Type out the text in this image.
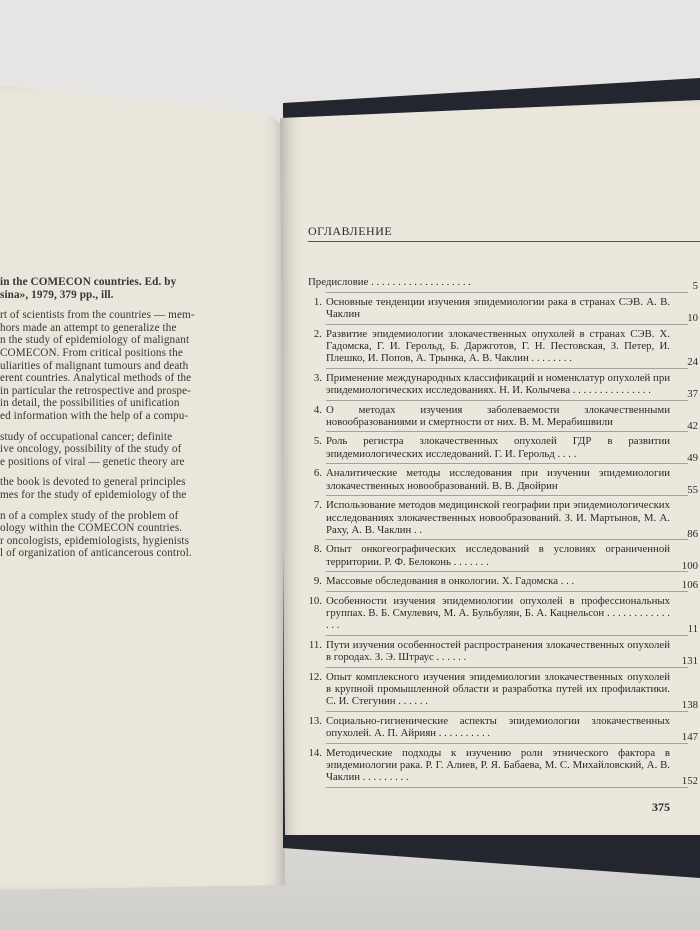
in the COMECON countries. Ed. by
sina», 1979, 379 pp., ill.
rt of scientists from the countries — mem-
hors made an attempt to generalize the
n the study of epidemiology of malignant
COMECON. From critical positions the
uliarities of malignant tumours and death
erent countries. Analytical methods of the
in particular the retrospective and prospe-
in detail, the possibilities of unification
ed information with the help of a compu-
study of occupational cancer; definite
ive oncology, possibility of the study of
e positions of viral — genetic theory are
the book is devoted to general principles
mes for the study of epidemiology of the
n of a complex study of the problem of
ology within the COMECON countries.
r oncologists, epidemiologists, hygienists
l of organization of anticancerous control.
ОГЛАВЛЕНИЕ
Предисловие . . . . . . . . . . . . . . . . . . .	5
1. Основные тенденции изучения эпидемиологии рака в странах СЭВ. А. В. Чаклин	10
2. Развитие эпидемиологии злокачественных опухолей в странах СЭВ. Х. Гадомска, Г. И. Герольд, Б. Даржготов, Г. Н. Пестовская, З. Петер, И. Плешко, И. Попов, А. Трынка, А. В. Чаклин . . . . . . . .	24
3. Применение международных классификаций и номенклатур опухолей при эпидемиологических исследованиях. Н. И. Колычева . . . . . . . . . . . . . . .	37
4. О методах изучения заболеваемости злокачественными новообразованиями и смертности от них. В. М. Мерабишвили	42
5. Роль регистра злокачественных опухолей ГДР в развитии эпидемиологических исследований. Г. И. Герольд . . . .	49
6. Аналитические методы исследования при изучении эпидемиологии злокачественных новообразований. В. В. Двойрин	55
7. Использование методов медицинской географии при эпидемиологических исследованиях злокачественных новообразований. З. И. Мартынов, М. А. Раху, А. В. Чаклин . .	86
8. Опыт онкогеографических исследований в условиях ограниченной территории. Р. Ф. Белоконь . . . . . . .	100
9. Массовые обследования в онкологии. Х. Гадомска . . .	106
10. Особенности изучения эпидемиологии опухолей в профессиональных группах. В. Б. Смулевич, М. А. Бульбулян, Б. А. Кацнельсон . . . . . . . . . . . . . . .	11
11. Пути изучения особенностей распространения злокачественных опухолей в городах. З. Э. Штраус . . . . . .	131
12. Опыт комплексного изучения эпидемиологии злокачественных опухолей в крупной промышленной области и разработка путей их профилактики. С. И. Стегунин . . . . . .	138
13. Социально-гигиенические аспекты эпидемиологии злокачественных опухолей. А. П. Айриян . . . . . . . . . .	147
14. Методические подходы к изучению роли этнического фактора в эпидемиологии рака. Р. Г. Алиев, Р. Я. Бабаева, М. С. Михайловский, А. В. Чаклин . . . . . . . . .	152
375
